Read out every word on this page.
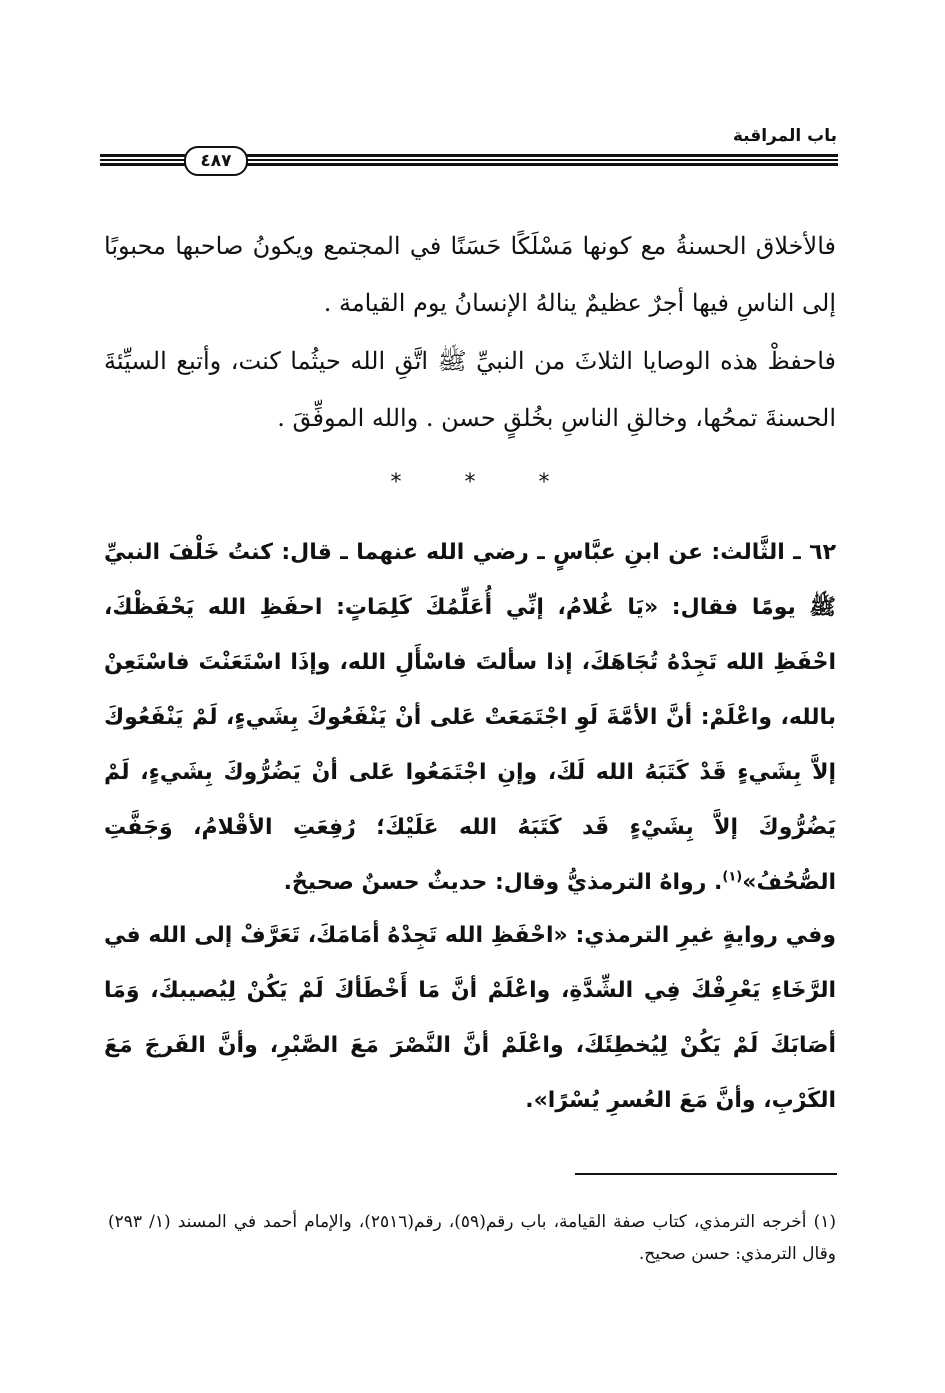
باب المراقبة
٤٨٧

فالأخلاق الحسنةُ مع كونها مَسْلَكًا حَسَنًا في المجتمع ويكونُ صاحبها محبوبًا إلى الناسِ فيها أجرٌ عظيمٌ ينالهُ الإنسانُ يوم القيامة .

فاحفظْ هذه الوصايا الثلاثَ من النبيِّ ﷺ اتَّقِ الله حيثُما كنت، وأتبع السيِّئةَ الحسنةَ تمحُها، وخالقِ الناسِ بخُلقٍ حسن . والله الموفِّقَ .

* * *

٦٢ ـ الثَّالث: عن ابنِ عبَّاسٍ ـ رضي الله عنهما ـ قال: كنتُ خَلْفَ النبيِّ ﷺ يومًا فقال: «يَا غُلامُ، إنِّي أُعَلِّمُكَ كَلِمَاتٍ: احفَظِ الله يَحْفَظْكَ، احْفَظِ الله تَجِدْهُ تُجَاهَكَ، إذا سألتَ فاسْأَلِ الله، وإذَا اسْتَعَنْتَ فاسْتَعِنْ بالله، واعْلَمْ: أنَّ الأمَّةَ لَوِ اجْتَمَعَتْ عَلى أنْ يَنْفَعُوكَ بِشَيءٍ، لَمْ يَنْفَعُوكَ إلاَّ بِشَيءٍ قَدْ كَتَبَهُ الله لَكَ، وإنِ اجْتَمَعُوا عَلى أنْ يَضُرُّوكَ بِشَيءٍ، لَمْ يَضُرُّوكَ إلاَّ بِشَيْءٍ قَد كَتَبَهُ الله عَلَيْكَ؛ رُفِعَتِ الأقْلامُ، وَجَفَّتِ الصُّحُفُ»$^{(١)}$. رواهُ الترمذيُّ وقال: حديثٌ حسنٌ صحيحٌ.

وفي روايةٍ غيرِ الترمذي: «احْفَظِ الله تَجِدْهُ أمَامَكَ، تَعَرَّفْ إلى الله في الرَّخَاءِ يَعْرِفْكَ فِي الشِّدَّةِ، واعْلَمْ أنَّ مَا أَخْطَأكَ لَمْ يَكُنْ لِيُصيبكَ، وَمَا أصَابَكَ لَمْ يَكُنْ لِيُخطِئَكَ، واعْلَمْ أنَّ النَّصْرَ مَعَ الصَّبْرِ، وأنَّ الفَرجَ مَعَ الكَرْبِ، وأنَّ مَعَ العُسرِ يُسْرًا».

(١) أخرجه الترمذي، كتاب صفة القيامة، باب رقم(٥٩)، رقم(٢٥١٦)، والإمام أحمد في المسند (١/ ٢٩٣) وقال الترمذي: حسن صحيح.
